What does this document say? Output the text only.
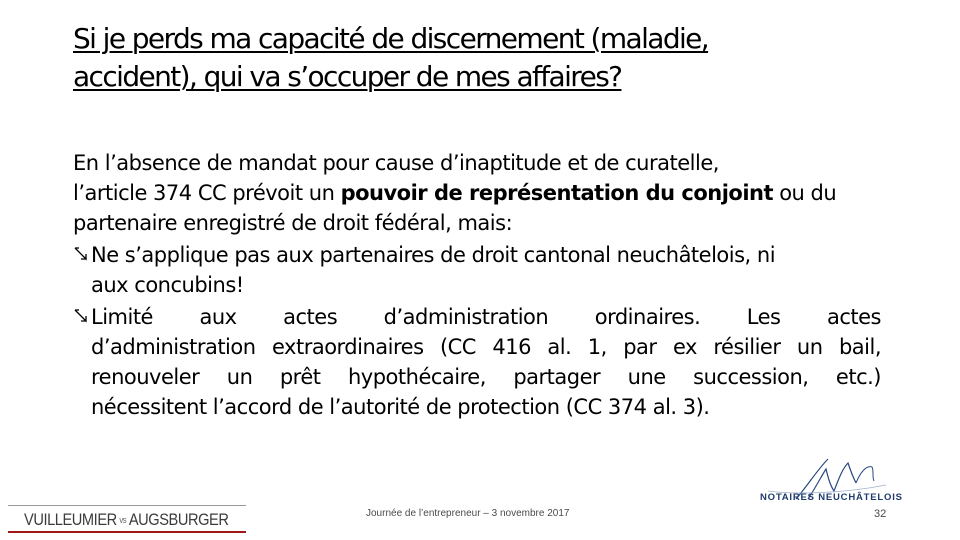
Si je perds ma capacité de discernement (maladie,
accident), qui va s’occuper de mes affaires?
En l’absence de mandat pour cause d’inaptitude et de curatelle,
l’article 374 CC prévoit un pouvoir de représentation du conjoint ou du
partenaire enregistré de droit fédéral, mais:
Ne s’applique pas aux partenaires de droit cantonal neuchâtelois, ni
aux concubins!
Limité aux actes d’administration ordinaires. Les actes
d’administration extraordinaires (CC 416 al. 1, par ex résilier un bail,
renouveler un prêt hypothécaire, partager une succession, etc.)
nécessitent l’accord de l’autorité de protection (CC 374 al. 3).
VUILLEUMIER vs AUGSBURGER	Journée de l’entrepreneur – 3 novembre 2017
NOTAIRES NEUCHÂTELOIS
32
